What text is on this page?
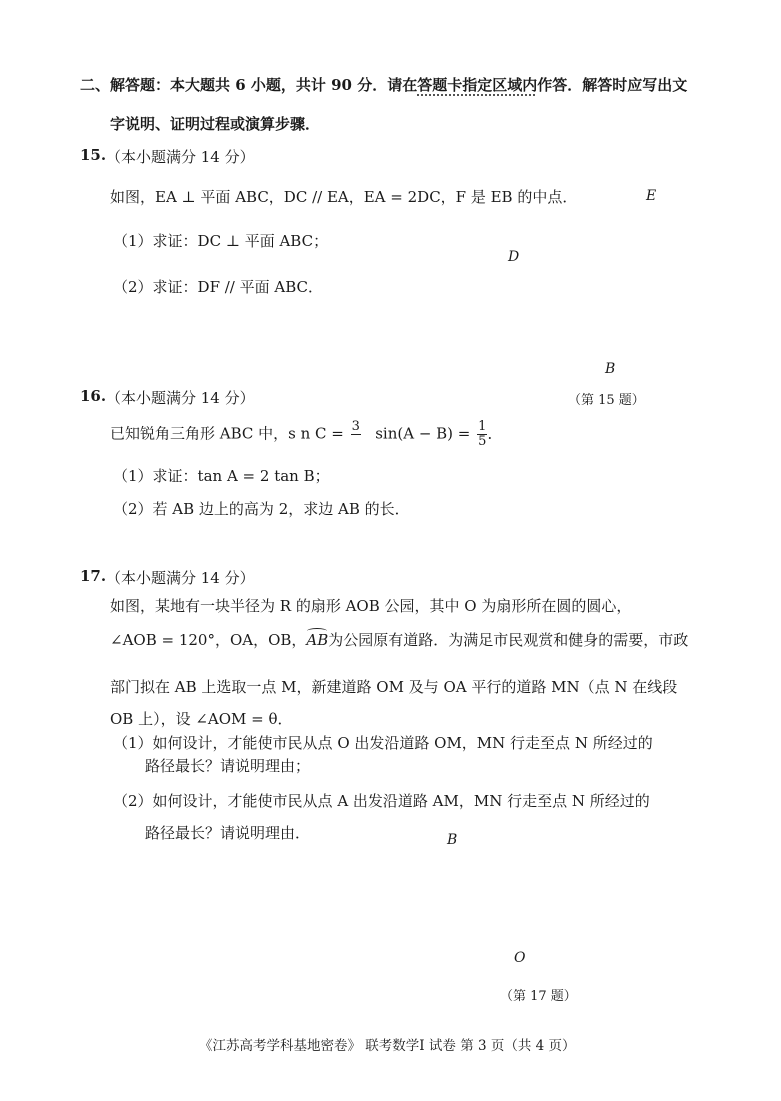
二、解答题：本大题共 6 小题，共计 90 分．请在答题卡指定区域内作答．解答时应写出文
字说明、证明过程或演算步骤．
15. （本小题满分 14 分）
如图，EA ⊥ 平面 ABC，DC // EA，EA = 2DC，F 是 EB 的中点．
（1）求证：DC ⊥ 平面 ABC；
（2）求证：DF // 平面 ABC．
E
D
B
（第 15 题）
16. （本小题满分 14 分）
已知锐角三角形 ABC 中，s n C = 3
$\sin(A - B) = \frac{1}{5}$ ．
（1）求证：tan A = 2 tan B；
（2）若 AB 边上的高为 2，求边 AB 的长．
17. （本小题满分 14 分）
如图，某地有一块半径为 R 的扇形 AOB 公园，其中 O 为扇形所在圆的圆心，
∠AOB = 120°，OA，OB，AB为公园原有道路．为满足市民观赏和健身的需要，市政
部门拟在 AB 上选取一点 M，新建道路 OM 及与 OA 平行的道路 MN（点 N 在线段
OB 上），设 ∠AOM = θ．
（1）如何设计，才能使市民从点 O 出发沿道路 OM，MN 行走至点 N 所经过的
路径最长？请说明理由；
（2）如何设计，才能使市民从点 A 出发沿道路 AM，MN 行走至点 N 所经过的
路径最长？请说明理由．	B
O
（第 17 题）
《江苏高考学科基地密卷》 联考数学Ⅰ 试卷 第 3 页（共 4 页）
